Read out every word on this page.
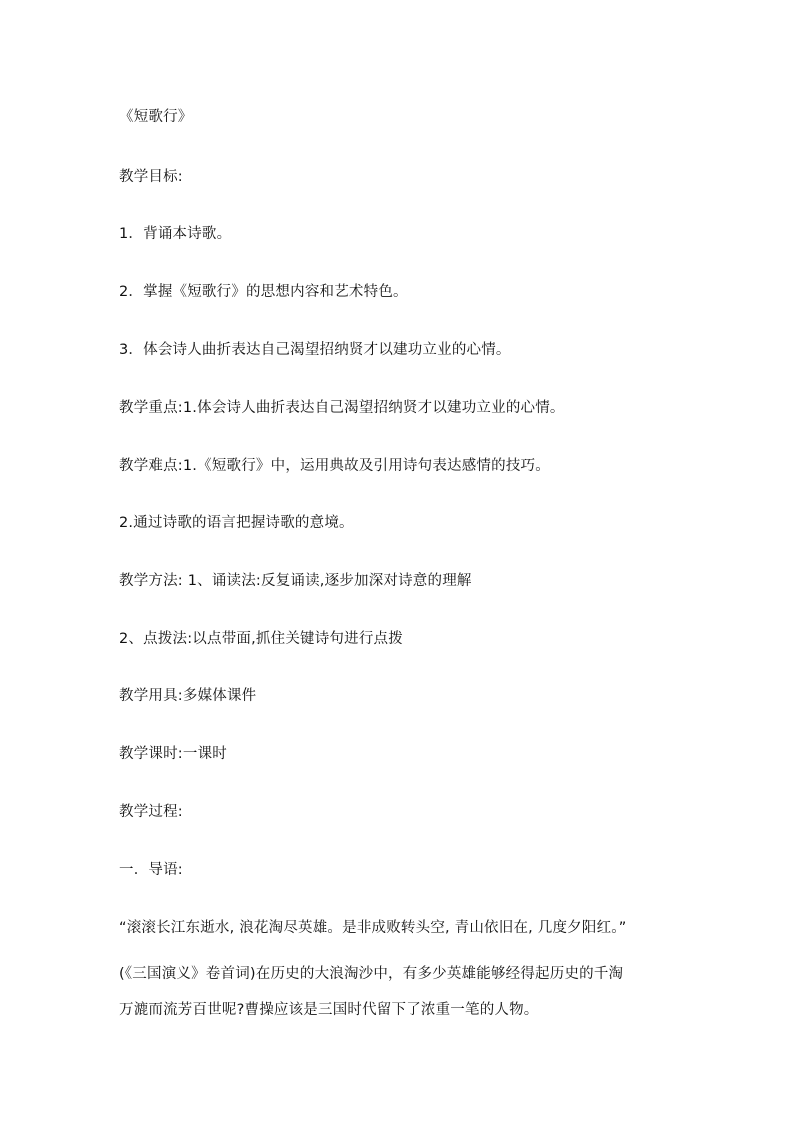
《短歌行》
教学目标:
1．背诵本诗歌。
2．掌握《短歌行》的思想内容和艺术特色。
3．体会诗人曲折表达自己渴望招纳贤才以建功立业的心情。
教学重点:1.体会诗人曲折表达自己渴望招纳贤才以建功立业的心情。
教学难点:1.《短歌行》中，运用典故及引用诗句表达感情的技巧。
2.通过诗歌的语言把握诗歌的意境。
教学方法: 1、诵读法:反复诵读,逐步加深对诗意的理解
2、点拨法:以点带面,抓住关键诗句进行点拨
教学用具:多媒体课件
教学课时:一课时
教学过程:
一．导语:
“滚滚长江东逝水, 浪花淘尽英雄。是非成败转头空, 青山依旧在, 几度夕阳红。”
(《三国演义》卷首词)在历史的大浪淘沙中，有多少英雄能够经得起历史的千淘
万漉而流芳百世呢?曹操应该是三国时代留下了浓重一笔的人物。
